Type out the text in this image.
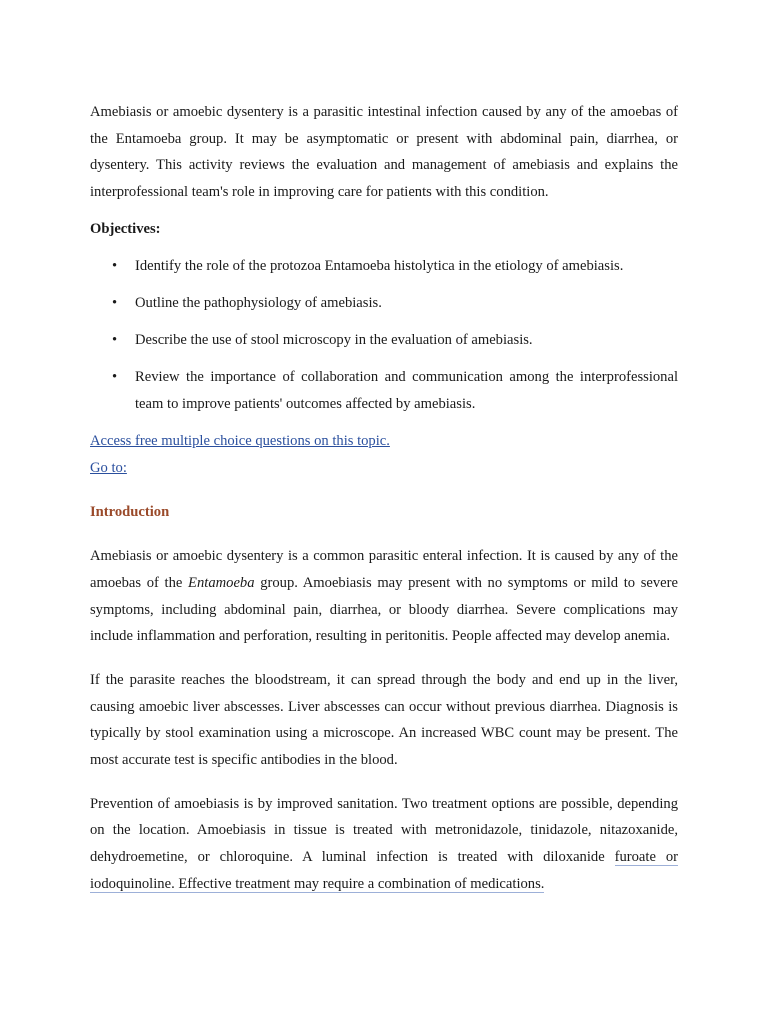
Amebiasis or amoebic dysentery is a parasitic intestinal infection caused by any of the amoebas of the Entamoeba group. It may be asymptomatic or present with abdominal pain, diarrhea, or dysentery. This activity reviews the evaluation and management of amebiasis and explains the interprofessional team's role in improving care for patients with this condition.

Objectives:

• Identify the role of the protozoa Entamoeba histolytica in the etiology of amebiasis.
• Outline the pathophysiology of amebiasis.
• Describe the use of stool microscopy in the evaluation of amebiasis.
• Review the importance of collaboration and communication among the interprofessional team to improve patients' outcomes affected by amebiasis.
Access free multiple choice questions on this topic.
Go to:

Introduction

Amebiasis or amoebic dysentery is a common parasitic enteral infection. It is caused by any of the amoebas of the Entamoeba group. Amoebiasis may present with no symptoms or mild to severe symptoms, including abdominal pain, diarrhea, or bloody diarrhea. Severe complications may include inflammation and perforation, resulting in peritonitis. People affected may develop anemia.

If the parasite reaches the bloodstream, it can spread through the body and end up in the liver, causing amoebic liver abscesses. Liver abscesses can occur without previous diarrhea. Diagnosis is typically by stool examination using a microscope. An increased WBC count may be present. The most accurate test is specific antibodies in the blood.

Prevention of amoebiasis is by improved sanitation. Two treatment options are possible, depending on the location. Amoebiasis in tissue is treated with metronidazole, tinidazole, nitazoxanide, dehydroemetine, or chloroquine. A luminal infection is treated with diloxanide furoate or iodoquinoline. Effective treatment may require a combination of medications.
